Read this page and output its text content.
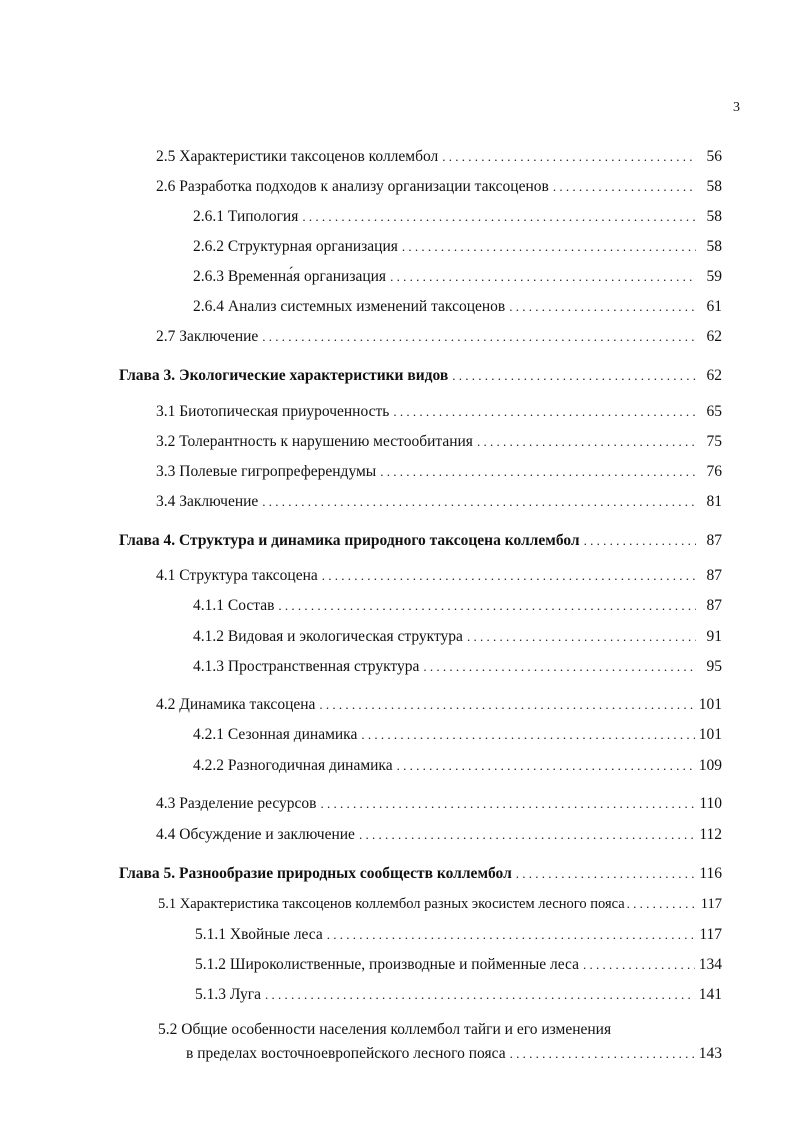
3
2.5 Характеристики таксоценов коллембол . . .	56
2.6 Разработка подходов к анализу организации таксоценов . . .	58
2.6.1 Типология . . .	58
2.6.2 Структурная организация . . .	58
2.6.3 Временна́я организация . . .	59
2.6.4 Анализ системных изменений таксоценов . . .	61
2.7 Заключение . . .	62
Глава 3. Экологические характеристики видов . . .	62
3.1 Биотопическая приуроченность . . .	65
3.2 Толерантность к нарушению местообитания . . .	75
3.3 Полевые гигропреферендумы . . .	76
3.4 Заключение . . .	81
Глава 4. Структура и динамика природного таксоцена коллембол . . .	87
4.1 Структура таксоцена . . .	87
4.1.1 Состав . . .	87
4.1.2 Видовая и экологическая структура . . .	91
4.1.3 Пространственная структура . . .	95
4.2 Динамика таксоцена . . .	101
4.2.1 Сезонная динамика . . .	101
4.2.2 Разногодичная динамика . . .	109
4.3 Разделение ресурсов . . .	110
4.4 Обсуждение и заключение . . .	112
Глава 5. Разнообразие природных сообществ коллембол . . .	116
5.1 Характеристика таксоценов коллембол разных экосистем лесного пояса . . .	117
5.1.1 Хвойные леса . . .	117
5.1.2 Широколиственные, производные и пойменные леса . . .	134
5.1.3 Луга . . .	141
5.2 Общие особенности населения коллембол тайги и его изменения
в пределах восточноевропейского лесного пояса . . .	143
